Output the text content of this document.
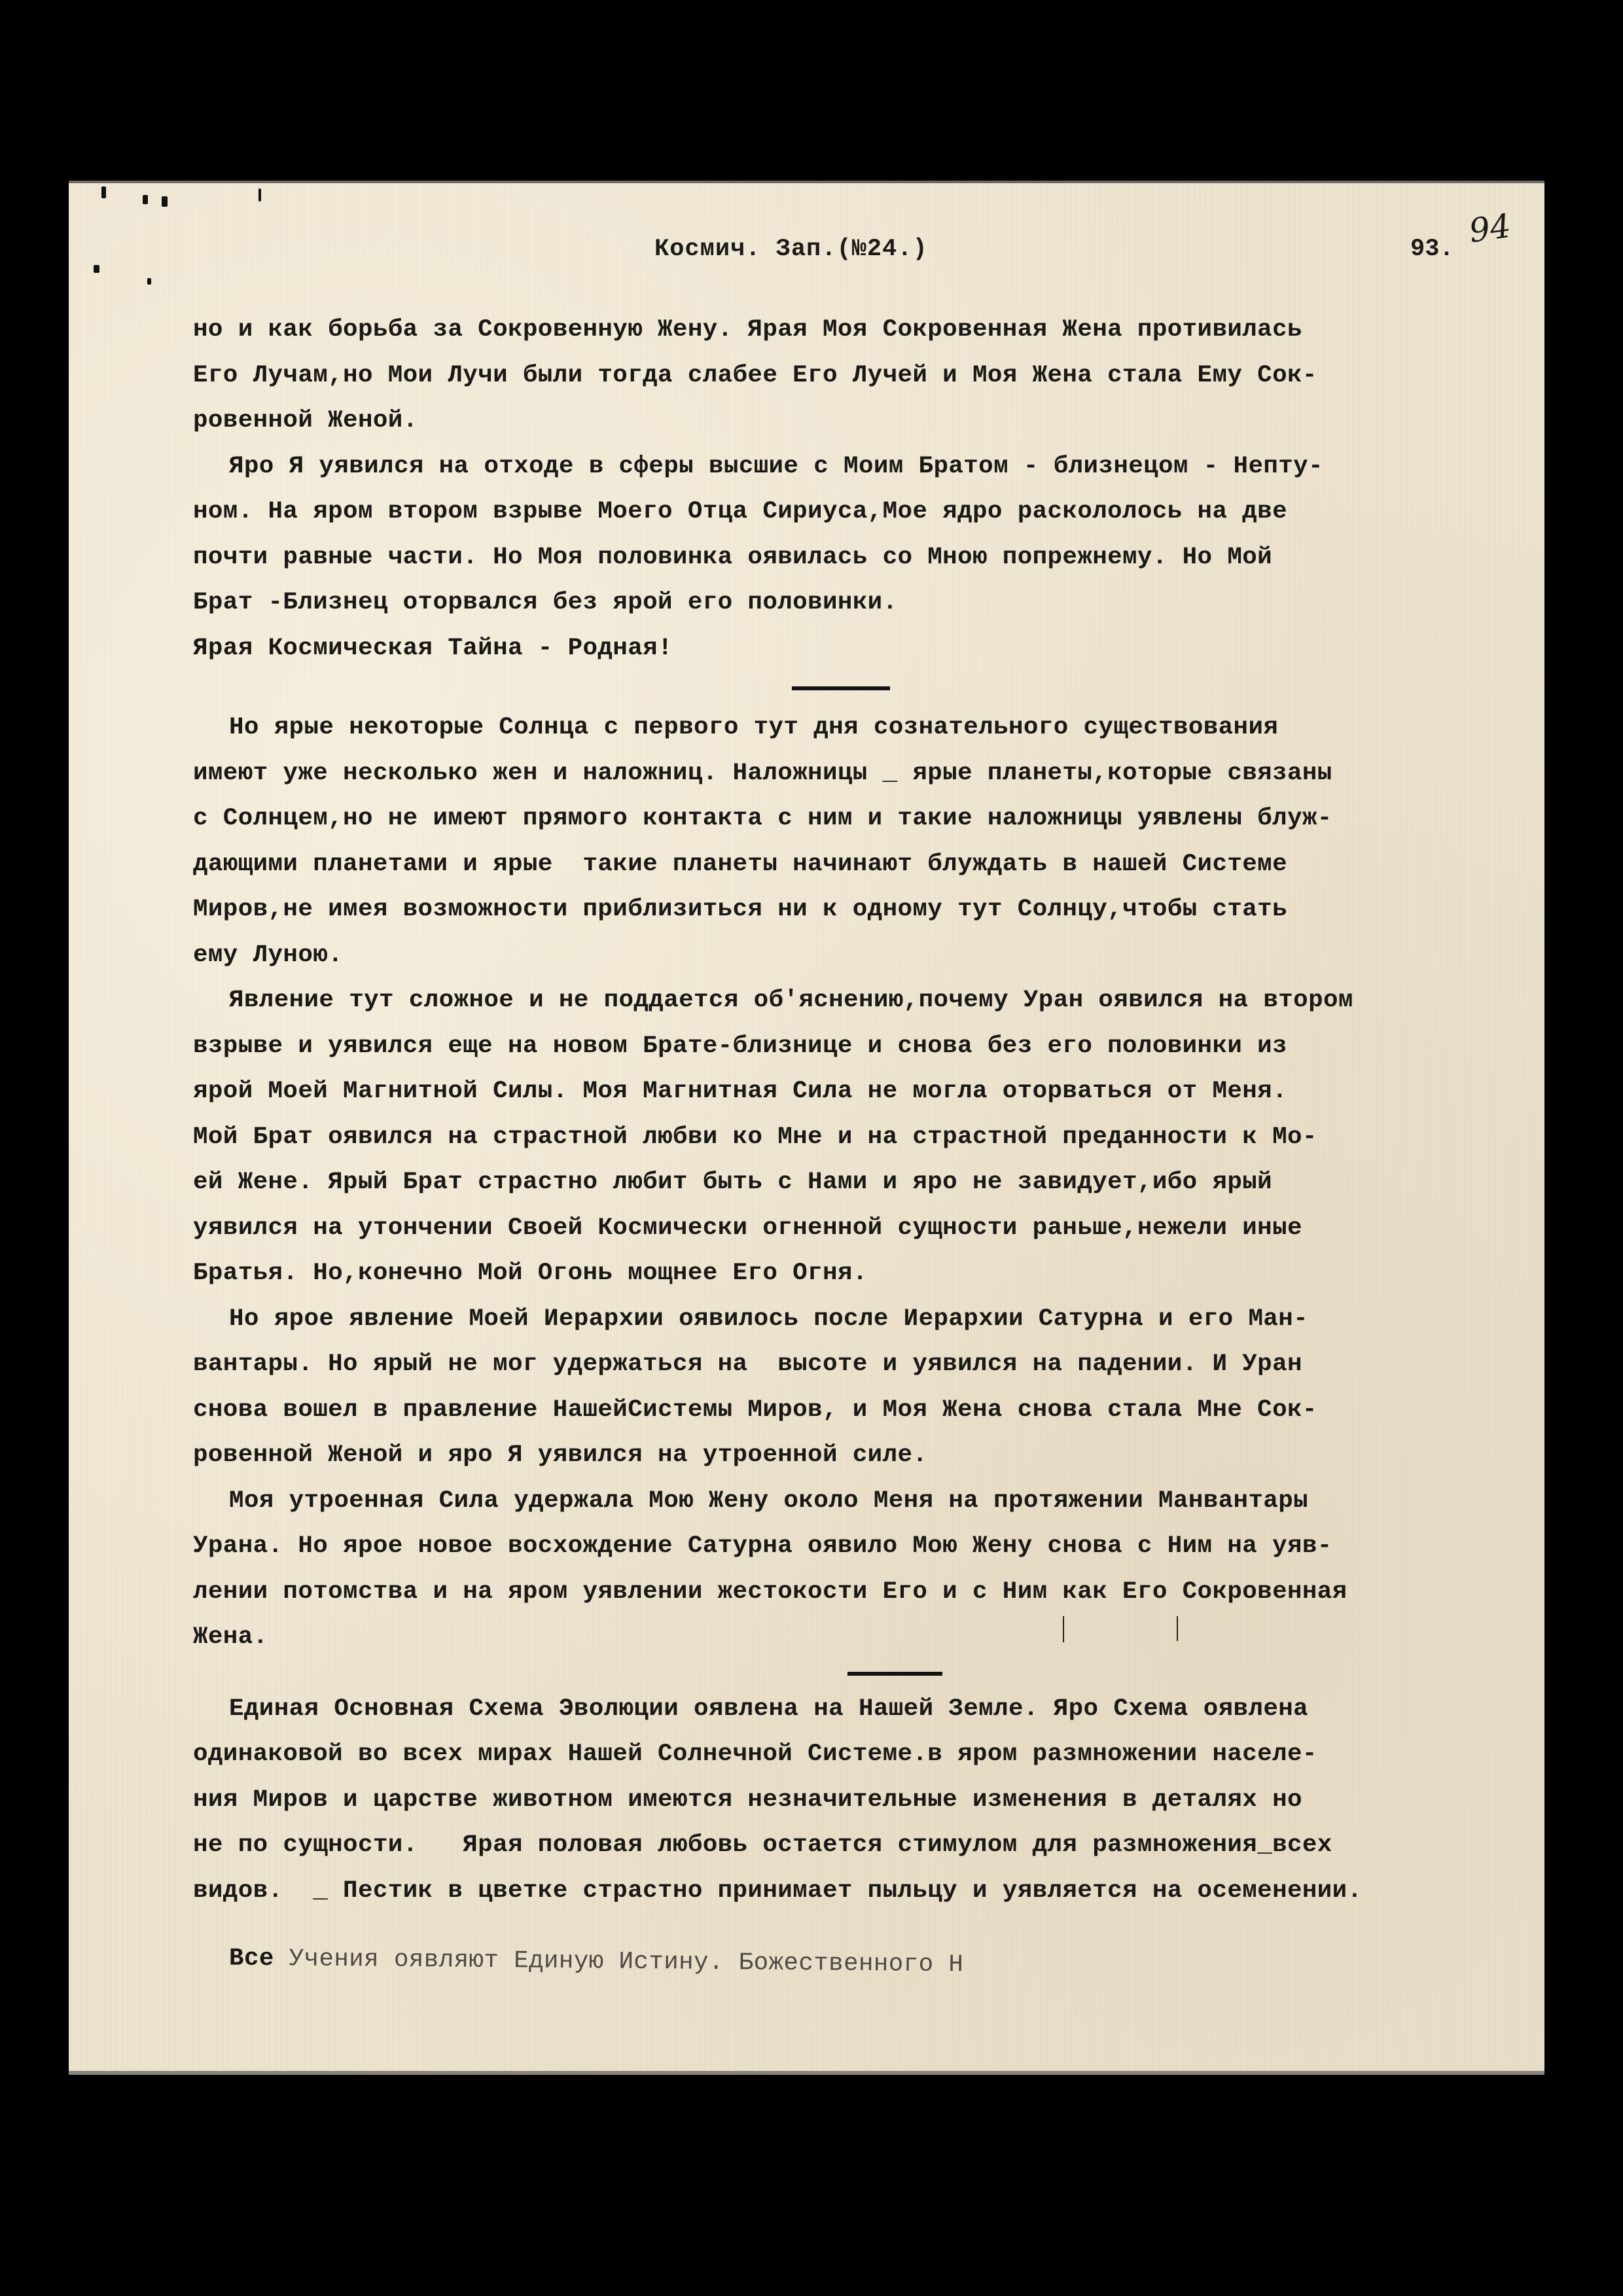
Космич. Зап.(№24.)	93. 94
но и как борьба за Сокровенную Жену. Ярая Моя Сокровенная Жена противилась
Его Лучам,но Мои Лучи были тогда слабее Его Лучей и Моя Жена стала Ему Сок-
ровенной Женой.
Яро Я уявился на отходе в сферы высшие с Моим Братом - близнецом - Непту-
ном. На яром втором взрыве Моего Отца Сириуса,Мое ядро раскололось на две
почти равные части. Но Моя половинка оявилась со Мною попрежнему. Но Мой
Брат -Близнец оторвался без ярой его половинки.
Ярая Космическая Тайна - Родная!
Но ярые некоторые Солнца с первого тут дня сознательного существования
имеют уже несколько жен и наложниц. Наложницы _ ярые планеты,которые связаны
с Солнцем,но не имеют прямого контакта с ним и такие наложницы уявлены блуж-
дающими планетами и ярые  такие планеты начинают блуждать в нашей Системе
Миров,не имея возможности приблизиться ни к одному тут Солнцу,чтобы стать
ему Луною.
Явление тут сложное и не поддается об'яснению,почему Уран оявился на втором
взрыве и уявился еще на новом Брате-близнице и снова без его половинки из
ярой Моей Магнитной Силы. Моя Магнитная Сила не могла оторваться от Меня.
Мой Брат оявился на страстной любви ко Мне и на страстной преданности к Мо-
ей Жене. Ярый Брат страстно любит быть с Нами и яро не завидует,ибо ярый
уявился на утончении Своей Космически огненной сущности раньше,нежели иные
Братья. Но,конечно Мой Огонь мощнее Его Огня.
Но ярое явление Моей Иерархии оявилось после Иерархии Сатурна и его Ман-
вантары. Но ярый не мог удержаться на  высоте и уявился на падении. И Уран
снова вошел в правление НашейСистемы Миров, и Моя Жена снова стала Мне Сок-
ровенной Женой и яро Я уявился на утроенной силе.
Моя утроенная Сила удержала Мою Жену около Меня на протяжении Манвантары
Урана. Но ярое новое восхождение Сатурна оявило Мою Жену снова с Ним на уяв-
лении потомства и на яром уявлении жестокости Его и с Ним как Его Сокровенная
Жена.
Единая Основная Схема Эволюции оявлена на Нашей Земле. Яро Схема оявлена
одинаковой во всех мирах Нашей Солнечной Системе.в яром размножении населе-
ния Миров и царстве животном имеются незначительные изменения в деталях но
не по сущности.   Ярая половая любовь остается стимулом для размножения_всех
видов.  _ Пестик в цветке страстно принимает пыльцу и уявляется на осеменении.
Все Учения оявляют Единую Истину. Божественного Н
